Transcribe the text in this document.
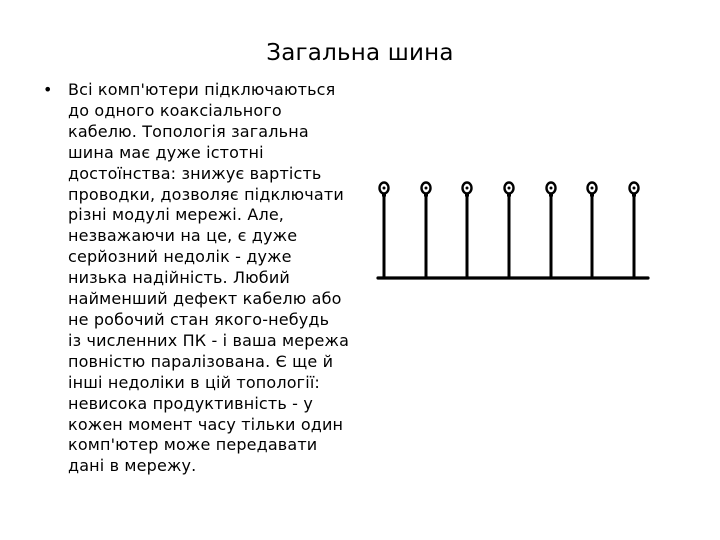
Загальна шина
• Всі комп'ютери підключаються
до одного коаксіального
кабелю. Топологія загальна
шина має дуже істотні
достоїнства: знижує вартість
проводки, дозволяє підключати
різні модулі мережі. Але,
незважаючи на це, є дуже
серйозний недолік - дуже
низька надійність. Любий
найменший дефект кабелю або
не робочий стан якого-небудь
із численних ПК - і ваша мережа
повністю паралізована. Є ще й
інші недоліки в цій топології:
невисока продуктивність - у
кожен момент часу тільки один
комп'ютер може передавати
дані в мережу.
